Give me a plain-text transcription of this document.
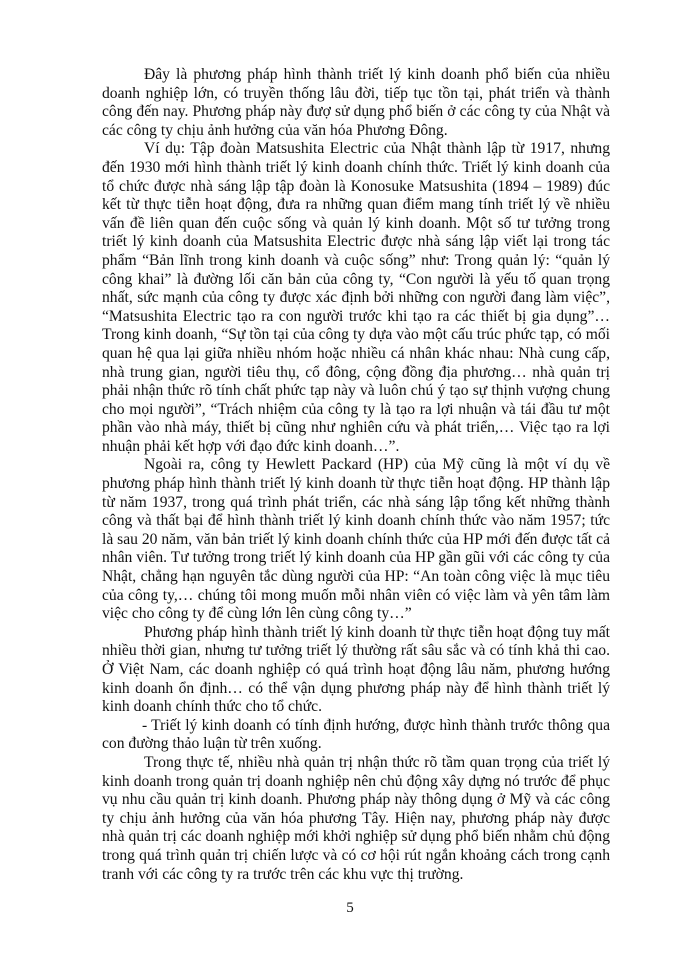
Đây là phương pháp hình thành triết lý kinh doanh phổ biến của nhiều doanh nghiệp lớn, có truyền thống lâu đời, tiếp tục tồn tại, phát triển và thành công đến nay. Phương pháp này đượ sử dụng phổ biến ở các công ty của Nhật và các công ty chịu ảnh hưởng của văn hóa Phương Đông.

Ví dụ: Tập đoàn Matsushita Electric của Nhật thành lập từ 1917, nhưng đến 1930 mới hình thành triết lý kinh doanh chính thức. Triết lý kinh doanh của tổ chức được nhà sáng lập tập đoàn là Konosuke Matsushita (1894 – 1989) đúc kết từ thực tiễn hoạt động, đưa ra những quan điểm mang tính triết lý về nhiều vấn đề liên quan đến cuộc sống và quản lý kinh doanh. Một số tư tưởng trong triết lý kinh doanh của Matsushita Electric được nhà sáng lập viết lại trong tác phẩm “Bản lĩnh trong kinh doanh và cuộc sống” như: Trong quản lý: “quản lý công khai” là đường lối căn bản của công ty, “Con người là yếu tố quan trọng nhất, sức mạnh của công ty được xác định bởi những con người đang làm việc”, “Matsushita Electric tạo ra con người trước khi tạo ra các thiết bị gia dụng”… Trong kinh doanh, “Sự tồn tại của công ty dựa vào một cấu trúc phức tạp, có mối quan hệ qua lại giữa nhiều nhóm hoặc nhiều cá nhân khác nhau: Nhà cung cấp, nhà trung gian, người tiêu thụ, cổ đông, cộng đồng địa phương… nhà quản trị phải nhận thức rõ tính chất phức tạp này và luôn chú ý tạo sự thịnh vượng chung cho mọi người”, “Trách nhiệm của công ty là tạo ra lợi nhuận và tái đầu tư một phần vào nhà máy, thiết bị cũng như nghiên cứu và phát triển,… Việc tạo ra lợi nhuận phải kết hợp với đạo đức kinh doanh…”.

Ngoài ra, công ty Hewlett Packard (HP) của Mỹ cũng là một ví dụ về phương pháp hình thành triết lý kinh doanh từ thực tiễn hoạt động. HP thành lập từ năm 1937, trong quá trình phát triển, các nhà sáng lập tổng kết những thành công và thất bại để hình thành triết lý kinh doanh chính thức vào năm 1957; tức là sau 20 năm, văn bản triết lý kinh doanh chính thức của HP mới đến được tất cả nhân viên. Tư tưởng trong triết lý kinh doanh của HP gần gũi với các công ty của Nhật, chẳng hạn nguyên tắc dùng người của HP: “An toàn công việc là mục tiêu của công ty,… chúng tôi mong muốn mỗi nhân viên có việc làm và yên tâm làm việc cho công ty để cùng lớn lên cùng công ty…”

Phương pháp hình thành triết lý kinh doanh từ thực tiễn hoạt động tuy mất nhiều thời gian, nhưng tư tưởng triết lý thường rất sâu sắc và có tính khả thi cao. Ở Việt Nam, các doanh nghiệp có quá trình hoạt động lâu năm, phương hướng kinh doanh ổn định… có thể vận dụng phương pháp này để hình thành triết lý kinh doanh chính thức cho tổ chức.

- Triết lý kinh doanh có tính định hướng, được hình thành trước thông qua con đường thảo luận từ trên xuống.

Trong thực tế, nhiều nhà quản trị nhận thức rõ tầm quan trọng của triết lý kinh doanh trong quản trị doanh nghiệp nên chủ động xây dựng nó trước để phục vụ nhu cầu quản trị kinh doanh. Phương pháp này thông dụng ở Mỹ và các công ty chịu ảnh hưởng của văn hóa phương Tây. Hiện nay, phương pháp này được nhà quản trị các doanh nghiệp mới khởi nghiệp sử dụng phổ biến nhằm chủ động trong quá trình quản trị chiến lược và có cơ hội rút ngắn khoảng cách trong cạnh tranh với các công ty ra trước trên các khu vực thị trường.

5
